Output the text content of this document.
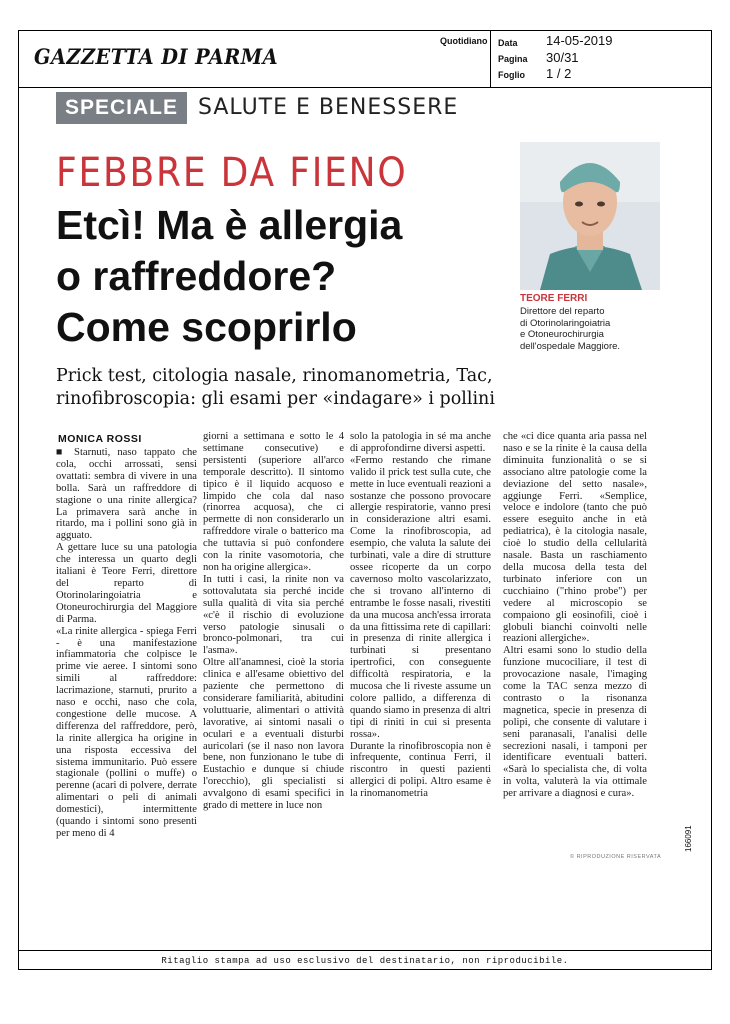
GAZZETTA DI PARMA
Quotidiano Data 14-05-2019
Pagina 30/31
Foglio 1 / 2
SPECIALE SALUTE E BENESSERE
FEBBRE DA FIENO
Etcì! Ma è allergia
o raffreddore?
Come scoprirlo
Prick test, citologia nasale, rinomanometria, Tac, rinofibroscopia: gli esami per «indagare» i pollini
TEORE FERRI
Direttore del reparto
di Otorinolaringoiatria
e Otoneurochirurgia
dell'ospedale Maggiore.
MONICA ROSSI

■ Starnuti, naso tappato che cola, occhi arrossati, sensi ovattati: sembra di vivere in una bolla. Sarà un raffreddore di stagione o una rinite allergica? La primavera sarà anche in ritardo, ma i pollini sono già in agguato.

A gettare luce su una patologia che interessa un quarto degli italiani è Teore Ferri, direttore del reparto di Otorinolaringoiatria e Otoneurochirurgia del Maggiore di Parma.

«La rinite allergica - spiega Ferri - è una manifestazione infiammatoria che colpisce le prime vie aeree. I sintomi sono simili al raffreddore: lacrimazione, starnuti, prurito a naso e occhi, naso che cola, congestione delle mucose. A differenza del raffreddore, però, la rinite allergica ha origine in una risposta eccessiva del sistema immunitario. Può essere stagionale (pollini o muffe) o perenne (acari di polvere, derrate alimentari o peli di animali domestici), intermittente (quando i sintomi sono presenti per meno di 4

giorni a settimana e sotto le 4 settimane consecutive) e persistenti (superiore all'arco temporale descritto). Il sintomo tipico è il liquido acquoso e limpido che cola dal naso (rinorrea acquosa), che ci permette di non considerarlo un raffreddore virale o batterico ma che tuttavia si può confondere con la rinite vasomotoria, che non ha origine allergica».

In tutti i casi, la rinite non va sottovalutata sia perché incide sulla qualità di vita sia perché «c'è il rischio di evoluzione verso patologie sinusali o bronco-polmonari, tra cui l'asma».

Oltre all'anamnesi, cioè la storia clinica e all'esame obiettivo del paziente che permettono di considerare familiarità, abitudini voluttuarie, alimentari o attività lavorative, ai sintomi nasali o oculari e a eventuali disturbi auricolari (se il naso non lavora bene, non funzionano le tube di Eustachio e dunque si chiude l'orecchio), gli specialisti si avvalgono di esami specifici in grado di mettere in luce non

solo la patologia in sé ma anche di approfondirne diversi aspetti.

«Fermo restando che rimane valido il prick test sulla cute, che mette in luce eventuali reazioni a sostanze che possono provocare allergie respiratorie, vanno presi in considerazione altri esami. Come la rinofibroscopia, ad esempio, che valuta la salute dei turbinati, vale a dire di strutture ossee ricoperte da un corpo cavernoso molto vascolarizzato, che si trovano all'interno di entrambe le fosse nasali, rivestiti da una mucosa anch'essa irrorata da una fittissima rete di capillari: in presenza di rinite allergica i turbinati si presentano ipertrofici, con conseguente difficoltà respiratoria, e la mucosa che li riveste assume un colore pallido, a differenza di quando siamo in presenza di altri tipi di riniti in cui si presenta rossa».

Durante la rinofibroscopia non è infrequente, continua Ferri, il riscontro in questi pazienti allergici di polipi. Altro esame è la rinomanometria

che «ci dice quanta aria passa nel naso e se la rinite è la causa della diminuita funzionalità o se si associano altre patologie come la deviazione del setto nasale», aggiunge Ferri. «Semplice, veloce e indolore (tanto che può essere eseguito anche in età pediatrica), è la citologia nasale, cioè lo studio della cellularità nasale. Basta un raschiamento della mucosa della testa del turbinato inferiore con un cucchiaino ("rhino probe") per vedere al microscopio se compaiono gli eosinofili, cioè i globuli bianchi coinvolti nelle reazioni allergiche».

Altri esami sono lo studio della funzione mucociliare, il test di provocazione nasale, l'imaging come la TAC senza mezzo di contrasto o la risonanza magnetica, specie in presenza di polipi, che consente di valutare i seni paranasali, l'analisi delle secrezioni nasali, i tamponi per identificare eventuali batteri. «Sarà lo specialista che, di volta in volta, valuterà la via ottimale per arrivare a diagnosi e cura».

© RIPRODUZIONE RISERVATA
166091
Ritaglio stampa ad uso esclusivo del destinatario, non riproducibile.
